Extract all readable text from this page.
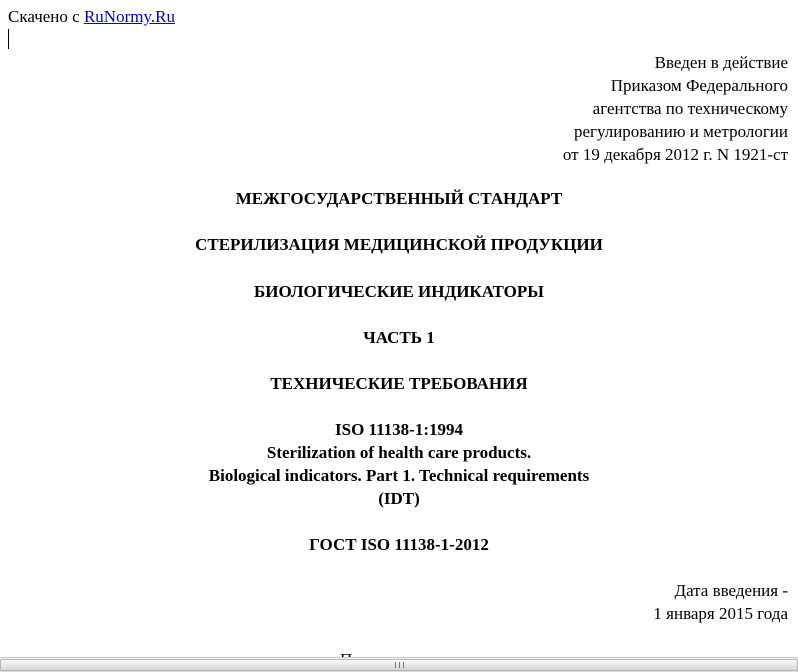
Скачено с RuNormy.Ru
Введен в действие
Приказом Федерального
агентства по техническому
регулированию и метрологии
от 19 декабря 2012 г. N 1921-ст
МЕЖГОСУДАРСТВЕННЫЙ СТАНДАРТ
СТЕРИЛИЗАЦИЯ МЕДИЦИНСКОЙ ПРОДУКЦИИ
БИОЛОГИЧЕСКИЕ ИНДИКАТОРЫ
ЧАСТЬ 1
ТЕХНИЧЕСКИЕ ТРЕБОВАНИЯ
ISO 11138-1:1994
Sterilization of health care products.
Biological indicators. Part 1. Technical requirements
(IDT)
ГОСТ ISO 11138-1-2012
Дата введения -
1 января 2015 года
